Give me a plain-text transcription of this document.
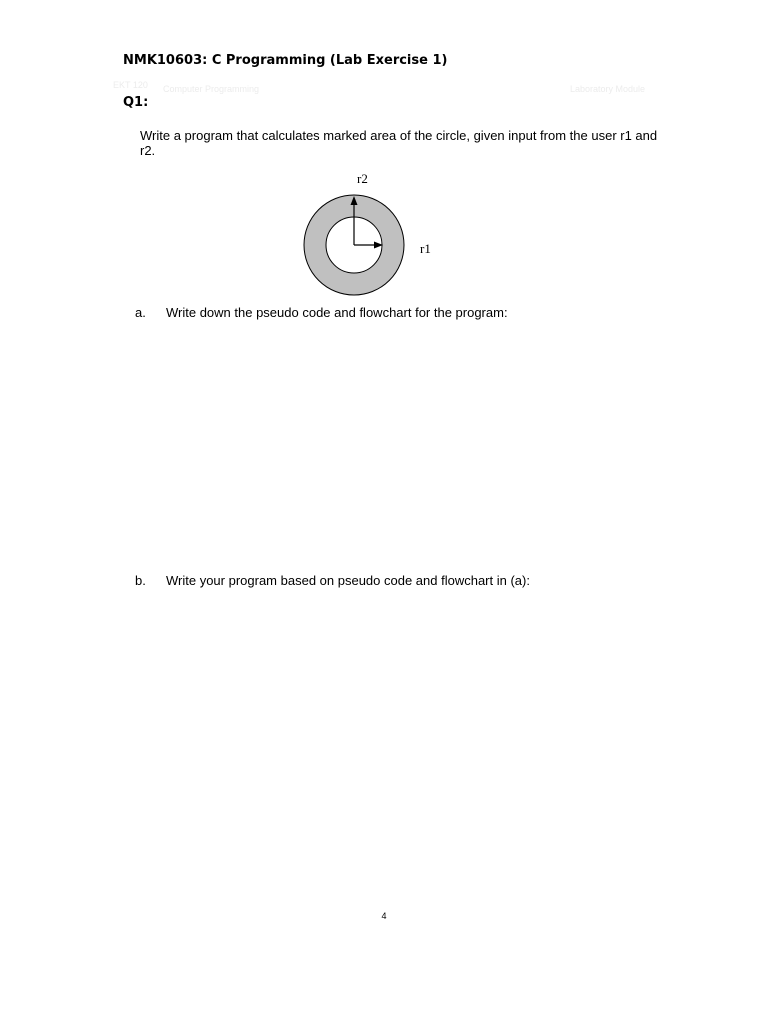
NMK10603: C Programming (Lab Exercise 1)
EKT 120 Computer Programming	Laboratory Module
Q1:
Write a program that calculates marked area of the circle, given input from the user r1 and r2.
r2
r1
a. Write down the pseudo code and flowchart for the program:
b. Write your program based on pseudo code and flowchart in (a):
4
